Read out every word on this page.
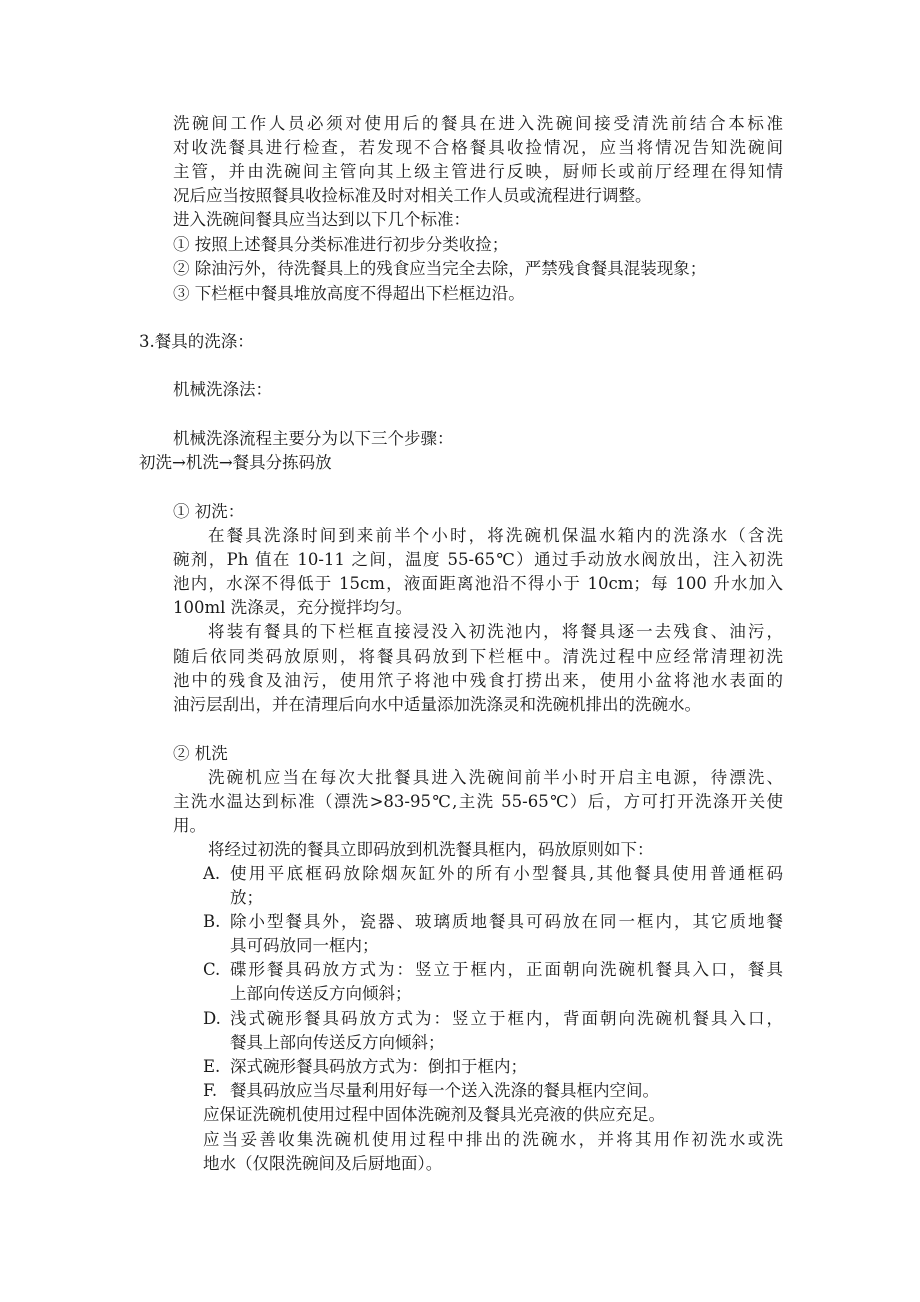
洗碗间工作人员必须对使用后的餐具在进入洗碗间接受清洗前结合本标准
对收洗餐具进行检查，若发现不合格餐具收捡情况，应当将情况告知洗碗间
主管，并由洗碗间主管向其上级主管进行反映，厨师长或前厅经理在得知情
况后应当按照餐具收捡标准及时对相关工作人员或流程进行调整。
进入洗碗间餐具应当达到以下几个标准：
① 按照上述餐具分类标准进行初步分类收捡；
② 除油污外，待洗餐具上的残食应当完全去除，严禁残食餐具混装现象；
③ 下栏框中餐具堆放高度不得超出下栏框边沿。
3.餐具的洗涤：
机械洗涤法：
机械洗涤流程主要分为以下三个步骤：
初洗→机洗→餐具分拣码放
① 初洗：
在餐具洗涤时间到来前半个小时，将洗碗机保温水箱内的洗涤水（含洗
碗剂，Ph 值在 10-11 之间，温度 55-65℃）通过手动放水阀放出，注入初洗
池内，水深不得低于 15cm，液面距离池沿不得小于 10cm；每 100 升水加入
100ml 洗涤灵，充分搅拌均匀。
将装有餐具的下栏框直接浸没入初洗池内，将餐具逐一去残食、油污，
随后依同类码放原则，将餐具码放到下栏框中。清洗过程中应经常清理初洗
池中的残食及油污，使用笊子将池中残食打捞出来，使用小盆将池水表面的
油污层刮出，并在清理后向水中适量添加洗涤灵和洗碗机排出的洗碗水。
② 机洗
洗碗机应当在每次大批餐具进入洗碗间前半小时开启主电源，待漂洗、
主洗水温达到标准（漂洗>83-95℃,主洗 55-65℃）后，方可打开洗涤开关使
用。
将经过初洗的餐具立即码放到机洗餐具框内，码放原则如下：
A. 使用平底框码放除烟灰缸外的所有小型餐具,其他餐具使用普通框码
放；
B. 除小型餐具外，瓷器、玻璃质地餐具可码放在同一框内，其它质地餐
具可码放同一框内；
C. 碟形餐具码放方式为：竖立于框内，正面朝向洗碗机餐具入口，餐具
上部向传送反方向倾斜；
D. 浅式碗形餐具码放方式为：竖立于框内，背面朝向洗碗机餐具入口，
餐具上部向传送反方向倾斜；
E. 深式碗形餐具码放方式为：倒扣于框内；
F. 餐具码放应当尽量利用好每一个送入洗涤的餐具框内空间。
应保证洗碗机使用过程中固体洗碗剂及餐具光亮液的供应充足。
应当妥善收集洗碗机使用过程中排出的洗碗水，并将其用作初洗水或洗
地水（仅限洗碗间及后厨地面）。
